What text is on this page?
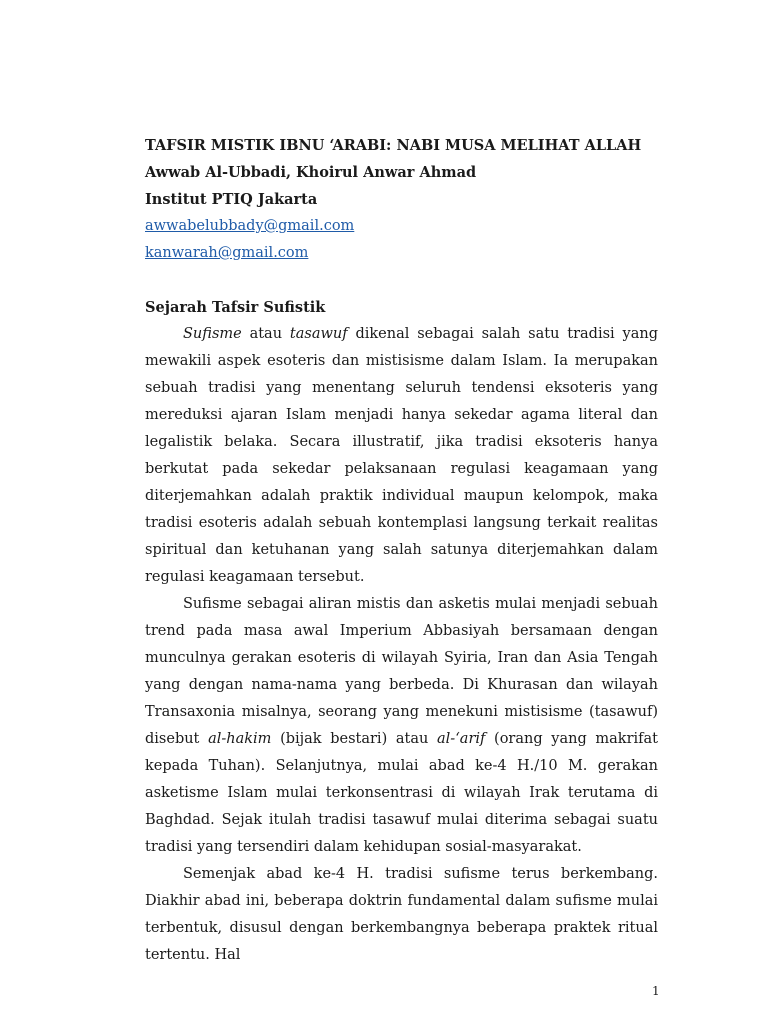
TAFSIR MISTIK IBNU ‘ARABI: NABI MUSA MELIHAT ALLAH

Awwab Al-Ubbadi, Khoirul Anwar Ahmad

Institut PTIQ Jakarta

awwabelubbady@gmail.com
kanwarah@gmail.com

Sejarah Tafsir Sufistik

Sufisme atau tasawuf dikenal sebagai salah satu tradisi yang mewakili aspek esoteris dan mistisisme dalam Islam. Ia merupakan sebuah tradisi yang menentang seluruh tendensi eksoteris yang mereduksi ajaran Islam menjadi hanya sekedar agama literal dan legalistik belaka. Secara illustratif, jika tradisi eksoteris hanya berkutat pada sekedar pelaksanaan regulasi keagamaan yang diterjemahkan adalah praktik individual maupun kelompok, maka tradisi esoteris adalah sebuah kontemplasi langsung terkait realitas spiritual dan ketuhanan yang salah satunya diterjemahkan dalam regulasi keagamaan tersebut.

Sufisme sebagai aliran mistis dan asketis mulai menjadi sebuah trend pada masa awal Imperium Abbasiyah bersamaan dengan munculnya gerakan esoteris di wilayah Syiria, Iran dan Asia Tengah yang dengan nama-nama yang berbeda. Di Khurasan dan wilayah Transaxonia misalnya, seorang yang menekuni mistisisme (tasawuf) disebut al-hakim (bijak bestari) atau al-‘arif (orang yang makrifat kepada Tuhan). Selanjutnya, mulai abad ke-4 H./10 M. gerakan asketisme Islam mulai terkonsentrasi di wilayah Irak terutama di Baghdad. Sejak itulah tradisi tasawuf mulai diterima sebagai suatu tradisi yang tersendiri dalam kehidupan sosial-masyarakat.

Semenjak abad ke-4 H. tradisi sufisme terus berkembang. Diakhir abad ini, beberapa doktrin fundamental dalam sufisme mulai terbentuk, disusul dengan berkembangnya beberapa praktek ritual tertentu. Hal

1
